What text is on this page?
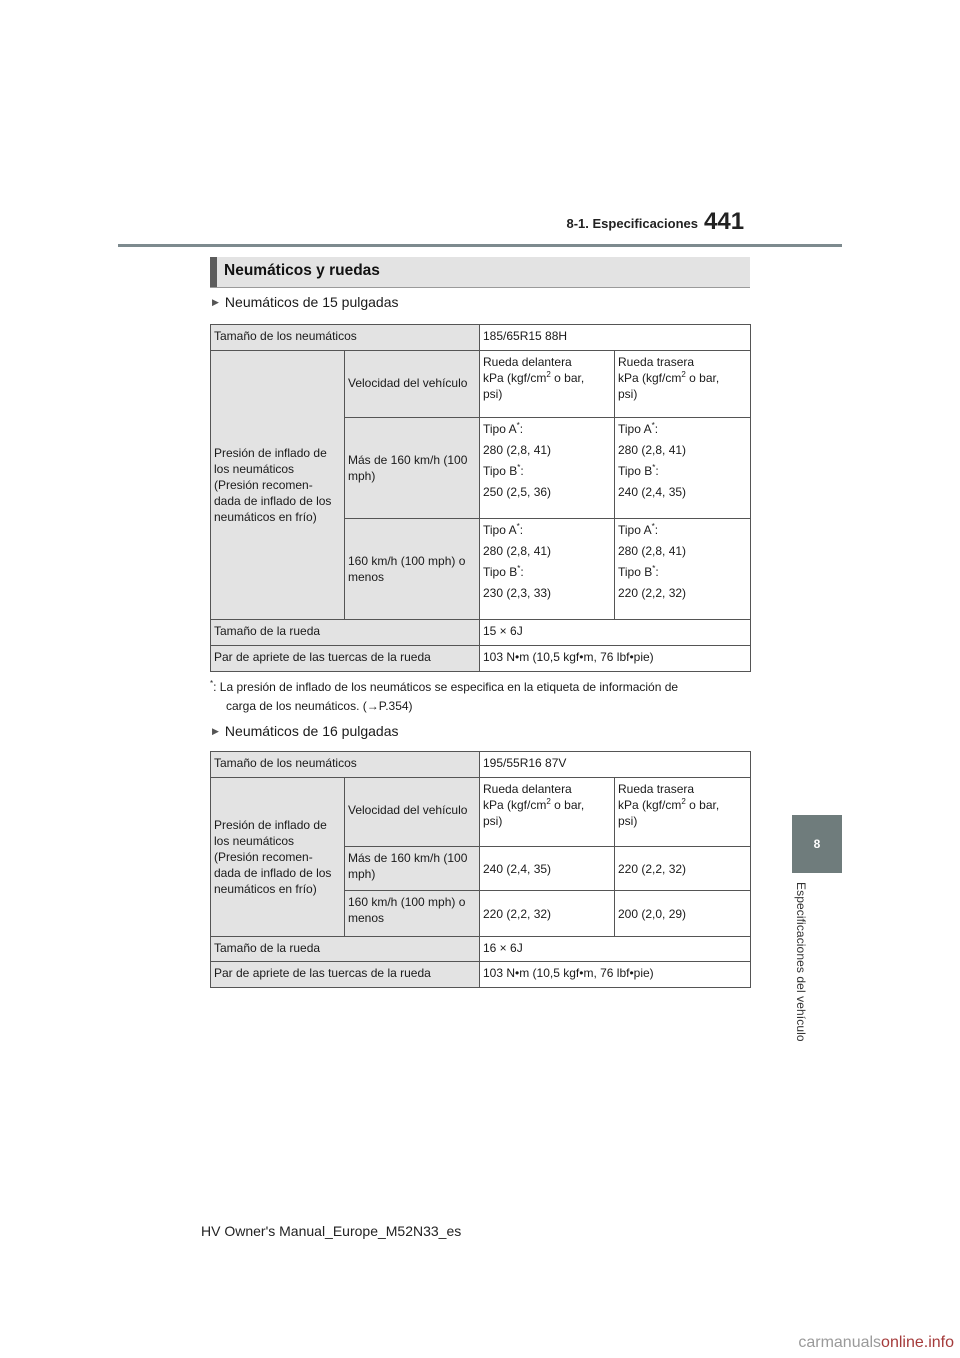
8-1. Especificaciones 441
8
Especificaciones del vehículo
Neumáticos y ruedas
▶ Neumáticos de 15 pulgadas
Tamaño de los neumáticos		185/65R15 88H	
Presión de inflado de
los neumáticos
(Presión recomen-
dada de inflado de los
neumáticos en frío)	Velocidad del vehículo	Rueda delantera
kPa ($kgf/cm^2$ o bar,
psi)	Rueda trasera
kPa ($kgf/cm^2$ o bar,
psi)
	Más de 160 km/h (100 mph)	Tipo A*:
280 (2,8, 41)
Tipo B*:
250 (2,5, 36)	Tipo A*:
280 (2,8, 41)
Tipo B*:
240 (2,4, 35)

	160 km/h (100 mph) o menos	Tipo A*:
280 (2,8, 41)
Tipo B*:
230 (2,3, 33)	Tipo A*:
280 (2,8, 41)
Tipo B*:
220 (2,2, 32)

Tamaño de la rueda		15 × 6J	
Par de apriete de las tuercas de la rueda		103 N•m (10,5 kgf•m, 76 lbf•pie)	
*: La presión de inflado de los neumáticos se especifica en la etiqueta de información de
carga de los neumáticos. (→P.354)
▶ Neumáticos de 16 pulgadas
Tamaño de los neumáticos		195/55R16 87V	
Presión de inflado de
los neumáticos
(Presión recomen-
dada de inflado de los
neumáticos en frío)	Velocidad del vehículo	Rueda delantera
kPa ($kgf/cm^2$ o bar,
psi)	Rueda trasera
kPa ($kgf/cm^2$ o bar,
psi)
	Más de 160 km/h (100 mph)	240 (2,4, 35)	220 (2,2, 32)
	160 km/h (100 mph) o menos	220 (2,2, 32)	200 (2,0, 29)
Tamaño de la rueda		16 × 6J	
Par de apriete de las tuercas de la rueda		103 N•m (10,5 kgf•m, 76 lbf•pie)	
HV Owner's Manual_Europe_M52N33_es
carmanualsonline.info
